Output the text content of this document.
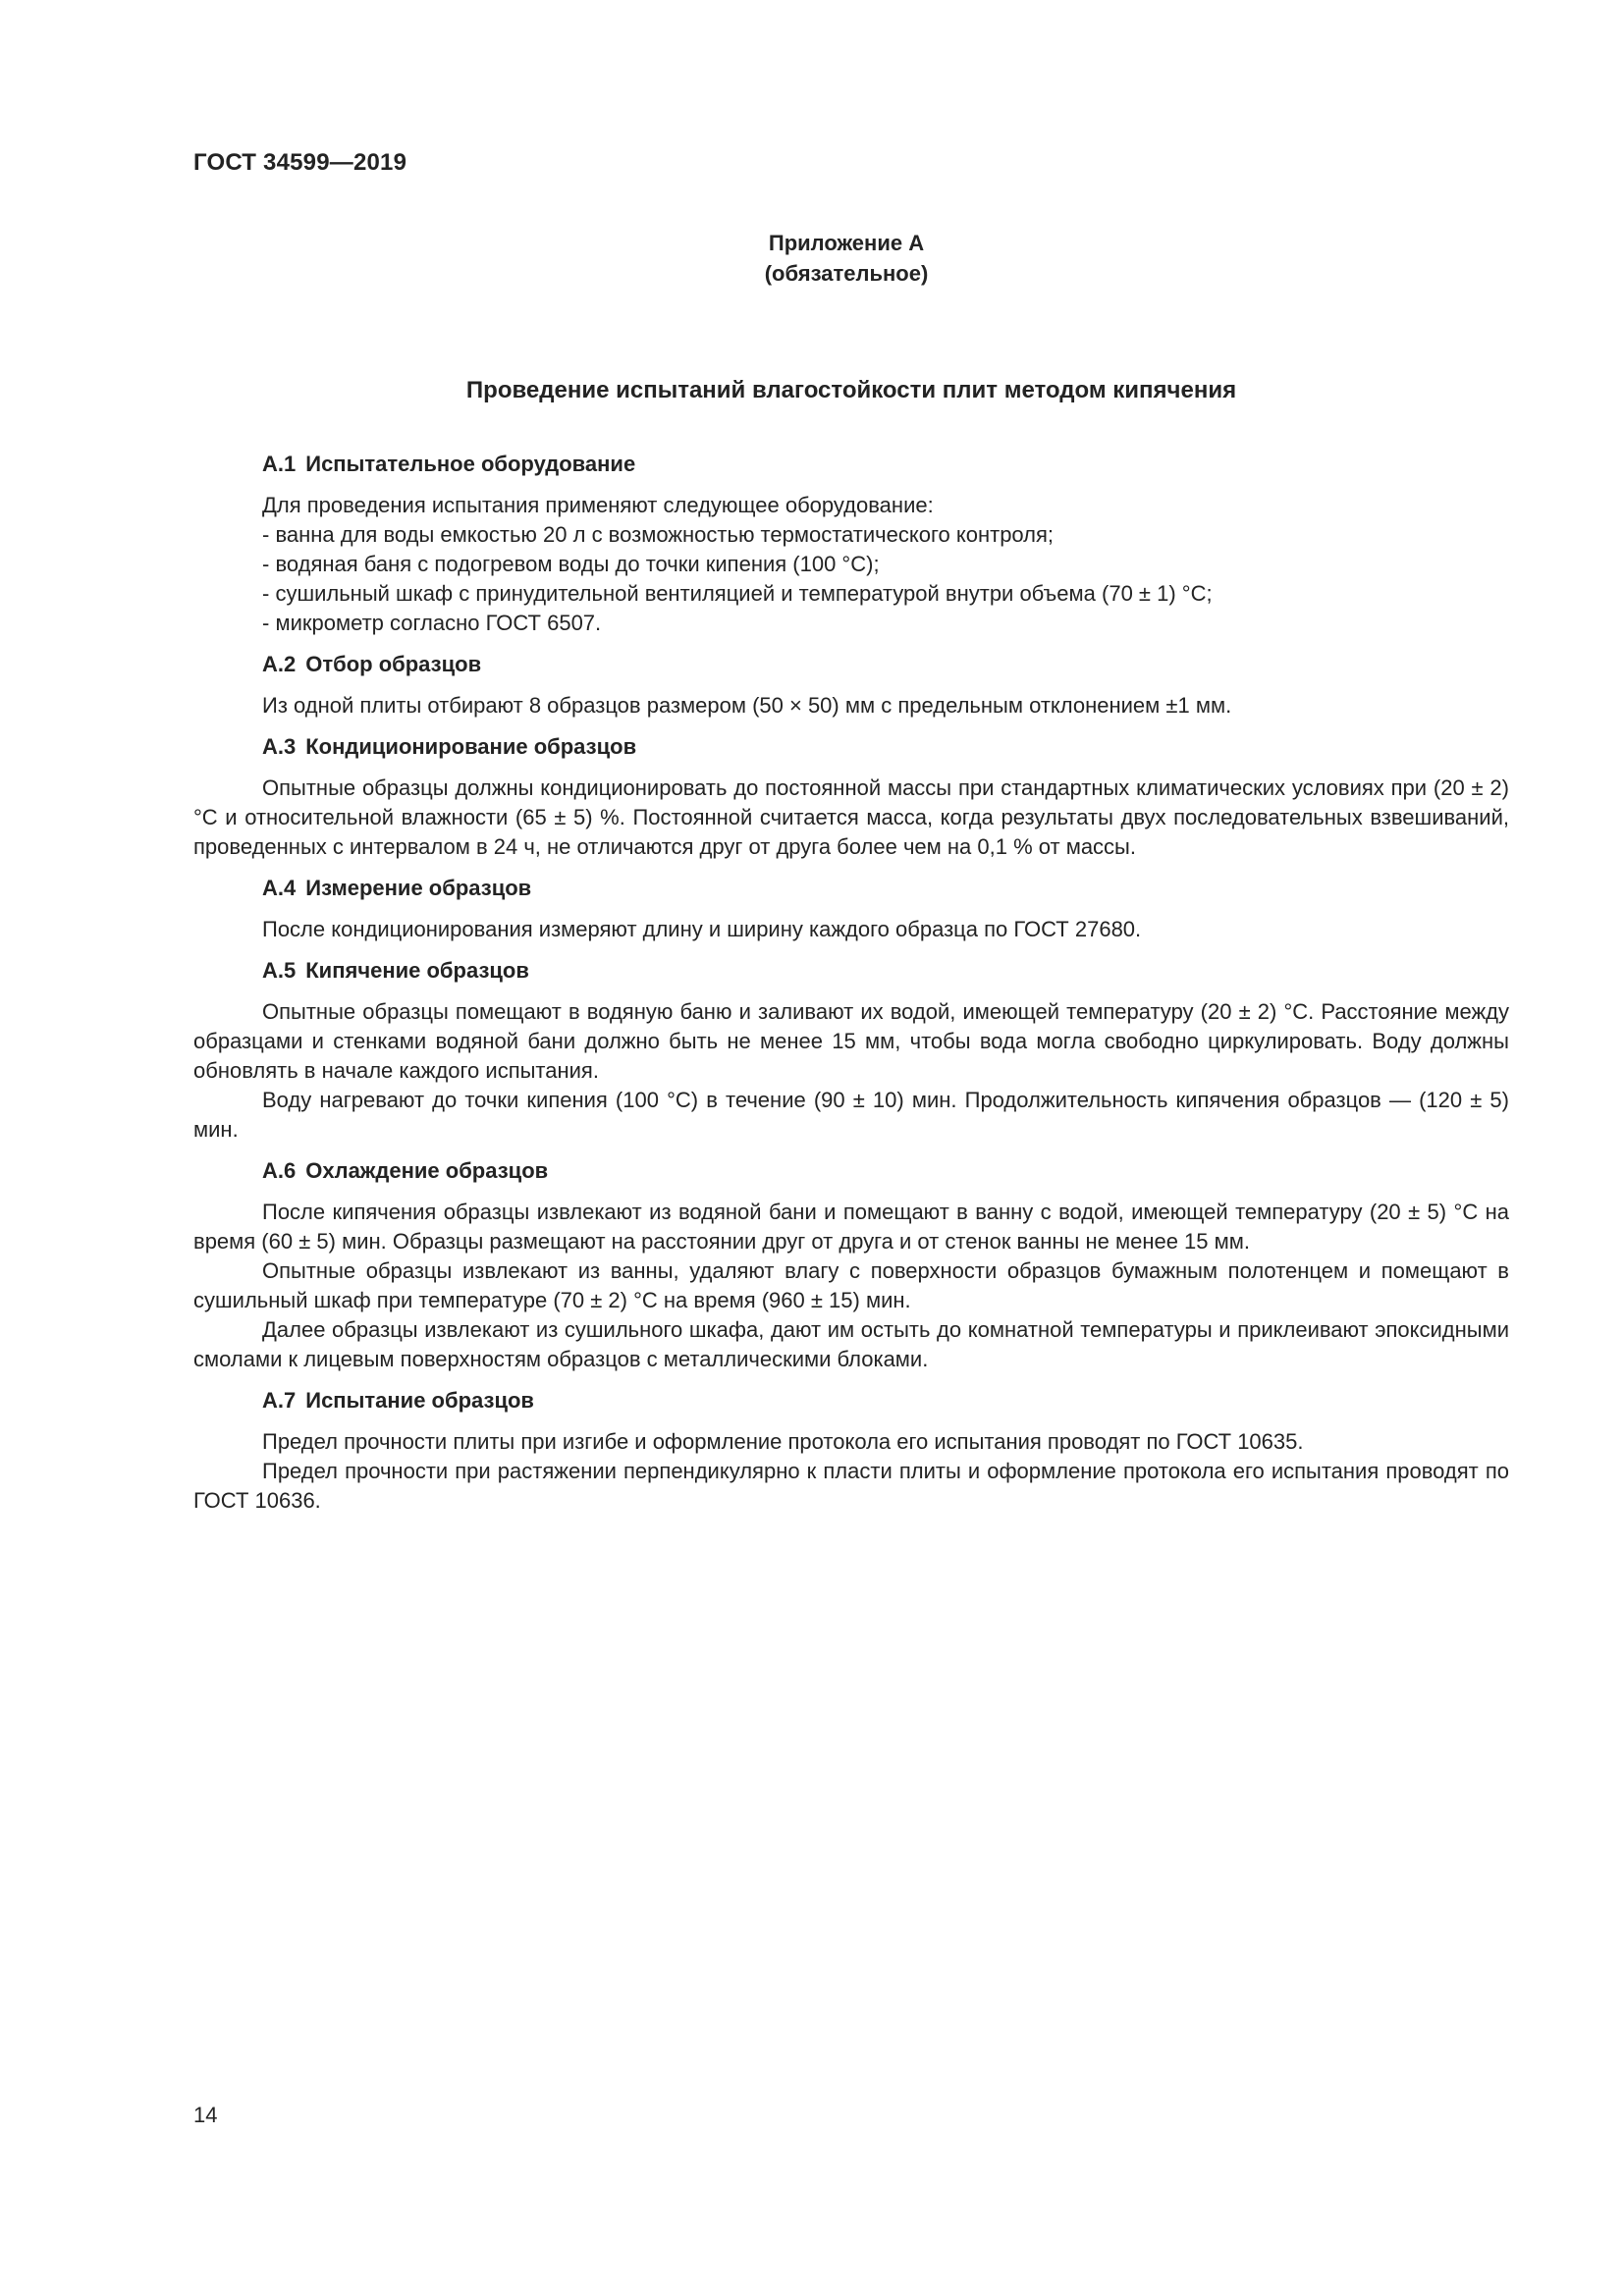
ГОСТ 34599—2019
Приложение А
(обязательное)
Проведение испытаний влагостойкости плит методом кипячения
А.1 Испытательное оборудование
Для проведения испытания применяют следующее оборудование:
- ванна для воды емкостью 20 л с возможностью термостатического контроля;
- водяная баня с подогревом воды до точки кипения (100 °С);
- сушильный шкаф с принудительной вентиляцией и температурой внутри объема (70 ± 1) °С;
- микрометр согласно ГОСТ 6507.
А.2 Отбор образцов

Из одной плиты отбирают 8 образцов размером (50 × 50) мм с предельным отклонением ±1 мм.

А.3 Кондиционирование образцов

Опытные образцы должны кондиционировать до постоянной массы при стандартных климатических условиях при (20 ± 2) °С и относительной влажности (65 ± 5) %. Постоянной считается масса, когда результаты двух последовательных взвешиваний, проведенных с интервалом в 24 ч, не отличаются друг от друга более чем на 0,1 % от массы.

А.4 Измерение образцов

После кондиционирования измеряют длину и ширину каждого образца по ГОСТ 27680.

А.5 Кипячение образцов

Опытные образцы помещают в водяную баню и заливают их водой, имеющей температуру (20 ± 2) °С. Расстояние между образцами и стенками водяной бани должно быть не менее 15 мм, чтобы вода могла свободно циркулировать. Воду должны обновлять в начале каждого испытания.

Воду нагревают до точки кипения (100 °С) в течение (90 ± 10) мин. Продолжительность кипячения образцов — (120 ± 5) мин.

А.6 Охлаждение образцов

После кипячения образцы извлекают из водяной бани и помещают в ванну с водой, имеющей температуру (20 ± 5) °С на время (60 ± 5) мин. Образцы размещают на расстоянии друг от друга и от стенок ванны не менее 15 мм.

Опытные образцы извлекают из ванны, удаляют влагу с поверхности образцов бумажным полотенцем и помещают в сушильный шкаф при температуре (70 ± 2) °С на время (960 ± 15) мин.

Далее образцы извлекают из сушильного шкафа, дают им остыть до комнатной температуры и приклеивают эпоксидными смолами к лицевым поверхностям образцов с металлическими блоками.

А.7 Испытание образцов

Предел прочности плиты при изгибе и оформление протокола его испытания проводят по ГОСТ 10635.

Предел прочности при растяжении перпендикулярно к пласти плиты и оформление протокола его испытания проводят по ГОСТ 10636.

14
